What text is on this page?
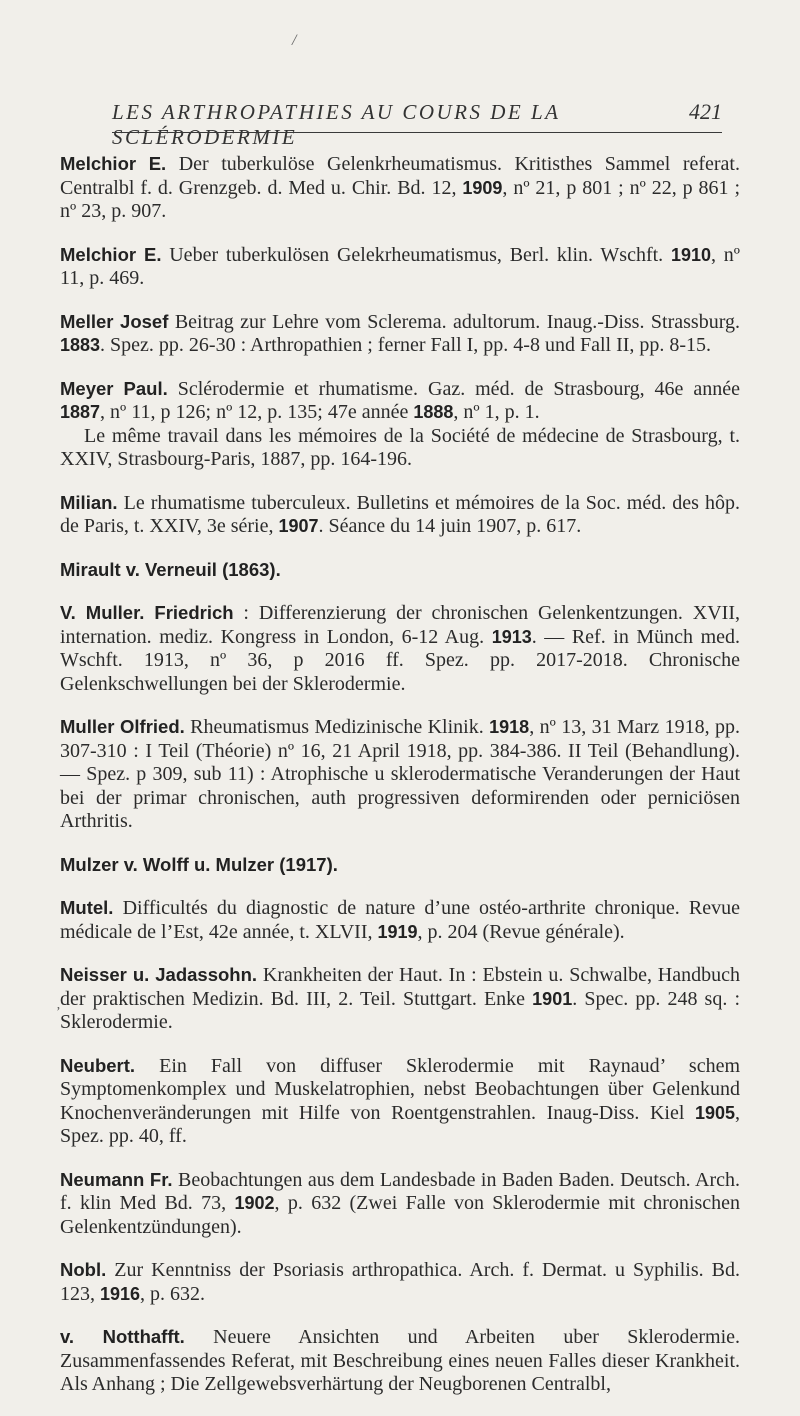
/
LES ARTHROPATHIES AU COURS DE LA SCLÉRODERMIE
421
’
Melchior E. Der tuberkulöse Gelenkrheumatismus. Kritisthes Sammel referat. Centralbl f. d. Grenzgeb. d. Med u. Chir. Bd. 12, 1909, nº 21, p 801 ; nº 22, p 861 ; nº 23, p. 907.
Melchior E. Ueber tuberkulösen Gelekrheumatismus, Berl. klin. Wschft. 1910, nº 11, p. 469.
Meller Josef Beitrag zur Lehre vom Sclerema. adultorum. Inaug.-Diss. Strassburg. 1883. Spez. pp. 26-30 : Arthropathien ; ferner Fall I, pp. 4-8 und Fall II, pp. 8-15.

Meyer Paul. Sclérodermie et rhumatisme. Gaz. méd. de Strasbourg, 46e année 1887, nº 11, p 126; nº 12, p. 135; 47e année 1888, nº 1, p. 1.

Le même travail dans les mémoires de la Société de médecine de Strasbourg, t. XXIV, Strasbourg-Paris, 1887, pp. 164-196.

Milian. Le rhumatisme tuberculeux. Bulletins et mémoires de la Soc. méd. des hôp. de Paris, t. XXIV, 3e série, 1907. Séance du 14 juin 1907, p. 617.
Mirault v. Verneuil (1863).
V. Muller. Friedrich : Differenzierung der chronischen Gelenkentzungen. XVII, internation. mediz. Kongress in London, 6-12 Aug. 1913. — Ref. in Münch med. Wschft. 1913, nº 36, p 2016 ff. Spez. pp. 2017-2018. Chronische Gelenkschwellungen bei der Sklerodermie.
Muller Olfried. Rheumatismus Medizinische Klinik. 1918, nº 13, 31 Marz 1918, pp. 307-310 : I Teil (Théorie) nº 16, 21 April 1918, pp. 384-386. II Teil (Behandlung). — Spez. p 309, sub 11) : Atrophische u sklerodermatische Veranderungen der Haut bei der primar chronischen, auth progressiven deformirenden oder perniciösen Arthritis.
Mulzer v. Wolff u. Mulzer (1917).
Mutel. Difficultés du diagnostic de nature d’une ostéo-arthrite chronique. Revue médicale de l’Est, 42e année, t. XLVII, 1919, p. 204 (Revue générale).
Neisser u. Jadassohn. Krankheiten der Haut. In : Ebstein u. Schwalbe, Handbuch der praktischen Medizin. Bd. III, 2. Teil. Stuttgart. Enke 1901. Spec. pp. 248 sq. : Sklerodermie.
Neubert. Ein Fall von diffuser Sklerodermie mit Raynaud’ schem Symptomenkomplex und Muskelatrophien, nebst Beobachtungen über Gelenkund Knochenveränderungen mit Hilfe von Roentgenstrahlen. Inaug-Diss. Kiel 1905, Spez. pp. 40, ff.
Neumann Fr. Beobachtungen aus dem Landesbade in Baden Baden. Deutsch. Arch. f. klin Med Bd. 73, 1902, p. 632 (Zwei Falle von Sklerodermie mit chronischen Gelenkentzündungen).
Nobl. Zur Kenntniss der Psoriasis arthropathica. Arch. f. Dermat. u Syphilis. Bd. 123, 1916, p. 632.
v. Notthafft. Neuere Ansichten und Arbeiten uber Sklerodermie. Zusammenfassendes Referat, mit Beschreibung eines neuen Falles dieser Krankheit. Als Anhang ; Die Zellgewebsverhärtung der Neugborenen Centralbl,
